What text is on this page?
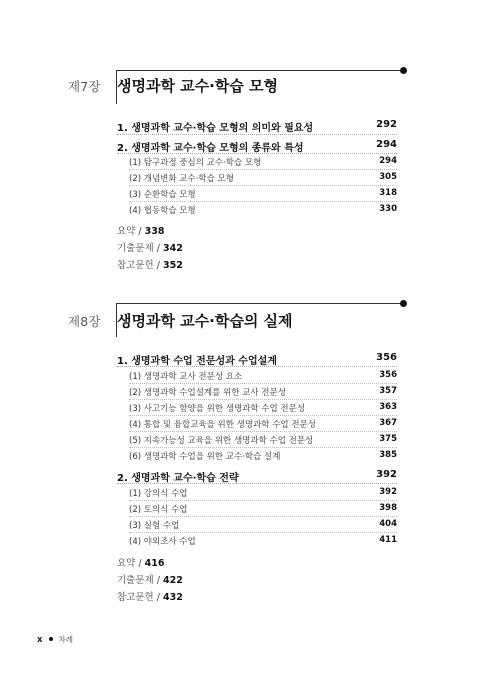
제7장 생명과학 교수·학습 모형
1. 생명과학 교수·학습 모형의 의미와 필요성	292
2. 생명과학 교수·학습 모형의 종류와 특성	294
(1) 탐구과정 중심의 교수·학습 모형	294
(2) 개념변화 교수·학습 모형	305
(3) 순환학습 모형	318
(4) 협동학습 모형	330
요약 / 338
기출문제 / 342
참고문헌 / 352
제8장 생명과학 교수·학습의 실제
1. 생명과학 수업 전문성과 수업설계	356
(1) 생명과학 교사 전문성 요소	356
(2) 생명과학 수업설계를 위한 교사 전문성	357
(3) 사고기능 함양을 위한 생명과학 수업 전문성	363
(4) 통합 및 융합교육을 위한 생명과학 수업 전문성	367
(5) 지속가능성 교육을 위한 생명과학 수업 전문성	375
(6) 생명과학 수업을 위한 교수·학습 설계	385
2. 생명과학 교수·학습 전략	392
(1) 강의식 수업	392
(2) 토의식 수업	398
(3) 실험 수업	404
(4) 야외조사 수업	411
요약 / 416
기출문제 / 422
참고문헌 / 432
x 차례
